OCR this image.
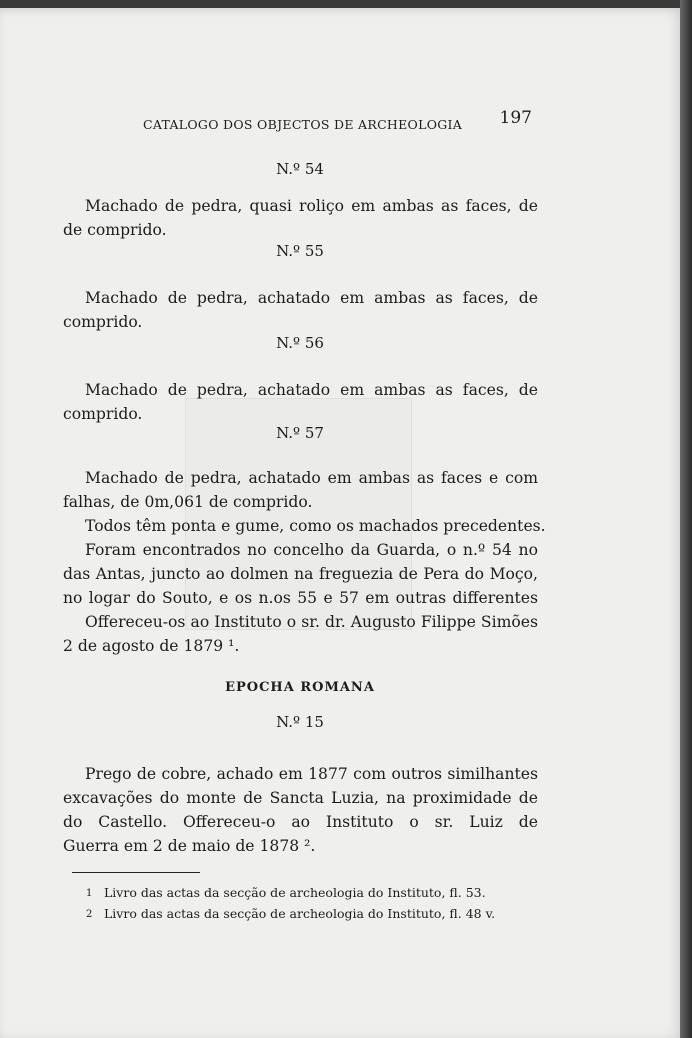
CATALOGO DOS OBJECTOS DE ARCHEOLOGIA 197
N.º 54
Machado de pedra, quasi roliço em ambas as faces, de
de comprido.
N.º 55
Machado de pedra, achatado em ambas as faces, de
comprido.
N.º 56
Machado de pedra, achatado em ambas as faces, de
comprido.
N.º 57
Machado de pedra, achatado em ambas as faces e com
falhas, de 0m,061 de comprido.
Todos têm ponta e gume, como os machados precedentes.
Foram encontrados no concelho da Guarda, o n.º 54 no
das Antas, juncto ao dolmen na freguezia de Pera do Moço,
no logar do Souto, e os n.os 55 e 57 em outras differentes
Offereceu-os ao Instituto o sr. dr. Augusto Filippe Simões
2 de agosto de 1879 ¹.
EPOCHA ROMANA
N.º 15
Prego de cobre, achado em 1877 com outros similhantes
excavações do monte de Sancta Luzia, na proximidade de
do Castello. Offereceu-o ao Instituto o sr. Luiz de
Guerra em 2 de maio de 1878 ².
1 Livro das actas da secção de archeologia do Instituto, fl. 53.
2 Livro das actas da secção de archeologia do Instituto, fl. 48 v.
